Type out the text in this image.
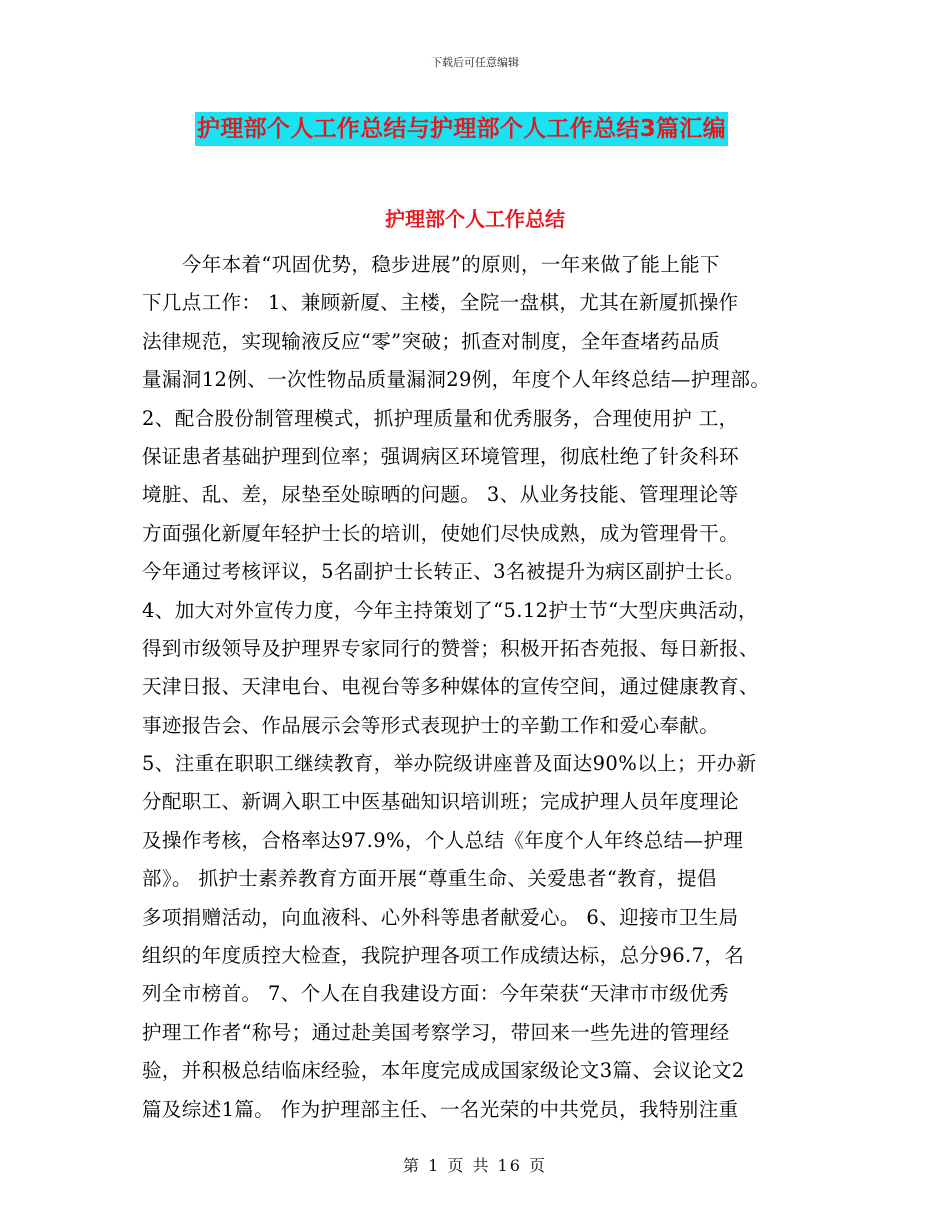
下载后可任意编辑
护理部个人工作总结与护理部个人工作总结3篇汇编
护理部个人工作总结
　　今年本着“巩固优势，稳步进展”的原则，一年来做了能上能下
下几点工作： 1、兼顾新厦、主楼，全院一盘棋，尤其在新厦抓操作
法律规范，实现输液反应“零”突破；抓查对制度，全年查堵药品质
量漏洞12例、一次性物品质量漏洞29例，年度个人年终总结—护理部。
2、配合股份制管理模式，抓护理质量和优秀服务，合理使用护 工，
保证患者基础护理到位率；强调病区环境管理，彻底杜绝了针灸科环
境脏、乱、差，尿垫至处晾晒的问题。 3、从业务技能、管理理论等
方面强化新厦年轻护士长的培训，使她们尽快成熟，成为管理骨干。
今年通过考核评议，5名副护士长转正、3名被提升为病区副护士长。
4、加大对外宣传力度，今年主持策划了“5.12护士节“大型庆典活动，
得到市级领导及护理界专家同行的赞誉；积极开拓杏苑报、每日新报、
天津日报、天津电台、电视台等多种媒体的宣传空间，通过健康教育、
事迹报告会、作品展示会等形式表现护士的辛勤工作和爱心奉献。
5、注重在职职工继续教育，举办院级讲座普及面达90%以上；开办新
分配职工、新调入职工中医基础知识培训班；完成护理人员年度理论
及操作考核，合格率达97.9%，个人总结《年度个人年终总结—护理
部》。 抓护士素养教育方面开展“尊重生命、关爱患者“教育，提倡
多项捐赠活动，向血液科、心外科等患者献爱心。 6、迎接市卫生局
组织的年度质控大检查，我院护理各项工作成绩达标，总分96.7，名
列全市榜首。 7、个人在自我建设方面：今年荣获“天津市市级优秀
护理工作者“称号；通过赴美国考察学习，带回来一些先进的管理经
验，并积极总结临床经验，本年度完成成国家级论文3篇、会议论文2
篇及综述1篇。 作为护理部主任、一名光荣的中共党员，我特别注重
第 1 页 共 16 页
